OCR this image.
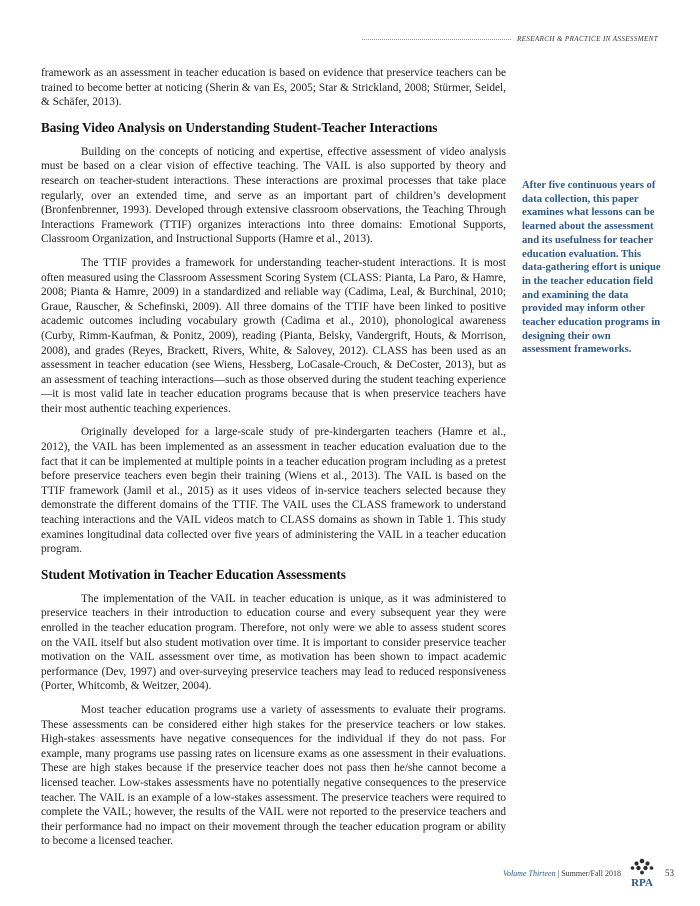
RESEARCH & PRACTICE IN ASSESSMENT

framework as an assessment in teacher education is based on evidence that preservice teachers can be trained to become better at noticing (Sherin & van Es, 2005; Star & Strickland, 2008; Stürmer, Seidel, & Schäfer, 2013).

Basing Video Analysis on Understanding Student-Teacher Interactions

Building on the concepts of noticing and expertise, effective assessment of video analysis must be based on a clear vision of effective teaching. The VAIL is also supported by theory and research on teacher-student interactions. These interactions are proximal processes that take place regularly, over an extended time, and serve as an important part of children’s development (Bronfenbrenner, 1993). Developed through extensive classroom observations, the Teaching Through Interactions Framework (TTIF) organizes interactions into three domains: Emotional Supports, Classroom Organization, and Instructional Supports (Hamre et al., 2013).

The TTIF provides a framework for understanding teacher-student interactions. It is most often measured using the Classroom Assessment Scoring System (CLASS: Pianta, La Paro, & Hamre, 2008; Pianta & Hamre, 2009) in a standardized and reliable way (Cadima, Leal, & Burchinal, 2010; Graue, Rauscher, & Schefinski, 2009). All three domains of the TTIF have been linked to positive academic outcomes including vocabulary growth (Cadima et al., 2010), phonological awareness (Curby, Rimm-Kaufman, & Ponitz, 2009), reading (Pianta, Belsky, Vandergrift, Houts, & Morrison, 2008), and grades (Reyes, Brackett, Rivers, White, & Salovey, 2012). CLASS has been used as an assessment in teacher education (see Wiens, Hessberg, LoCasale-Crouch, & DeCoster, 2013), but as an assessment of teaching interactions—such as those observed during the student teaching experience—it is most valid late in teacher education programs because that is when preservice teachers have their most authentic teaching experiences.

Originally developed for a large-scale study of pre-kindergarten teachers (Hamre et al., 2012), the VAIL has been implemented as an assessment in teacher education evaluation due to the fact that it can be implemented at multiple points in a teacher education program including as a pretest before preservice teachers even begin their training (Wiens et al., 2013). The VAIL is based on the TTIF framework (Jamil et al., 2015) as it uses videos of in-service teachers selected because they demonstrate the different domains of the TTIF. The VAIL uses the CLASS framework to understand teaching interactions and the VAIL videos match to CLASS domains as shown in Table 1. This study examines longitudinal data collected over five years of administering the VAIL in a teacher education program.

Student Motivation in Teacher Education Assessments

The implementation of the VAIL in teacher education is unique, as it was administered to preservice teachers in their introduction to education course and every subsequent year they were enrolled in the teacher education program. Therefore, not only were we able to assess student scores on the VAIL itself but also student motivation over time. It is important to consider preservice teacher motivation on the VAIL assessment over time, as motivation has been shown to impact academic performance (Dev, 1997) and over-surveying preservice teachers may lead to reduced responsiveness (Porter, Whitcomb, & Weitzer, 2004).

Most teacher education programs use a variety of assessments to evaluate their programs. These assessments can be considered either high stakes for the preservice teachers or low stakes. High-stakes assessments have negative consequences for the individual if they do not pass. For example, many programs use passing rates on licensure exams as one assessment in their evaluations. These are high stakes because if the preservice teacher does not pass then he/she cannot become a licensed teacher. Low-stakes assessments have no potentially negative consequences to the preservice teacher. The VAIL is an example of a low-stakes assessment. The preservice teachers were required to complete the VAIL; however, the results of the VAIL were not reported to the preservice teachers and their performance had no impact on their movement through the teacher education program or ability to become a licensed teacher.

After five continuous years of data collection, this paper examines what lessons can be learned about the assessment and its usefulness for teacher education evaluation. This data-gathering effort is unique in the teacher education field and examining the data provided may inform other teacher education programs in designing their own assessment frameworks.
Volume Thirteen | Summer/Fall 2018
RPA
53
